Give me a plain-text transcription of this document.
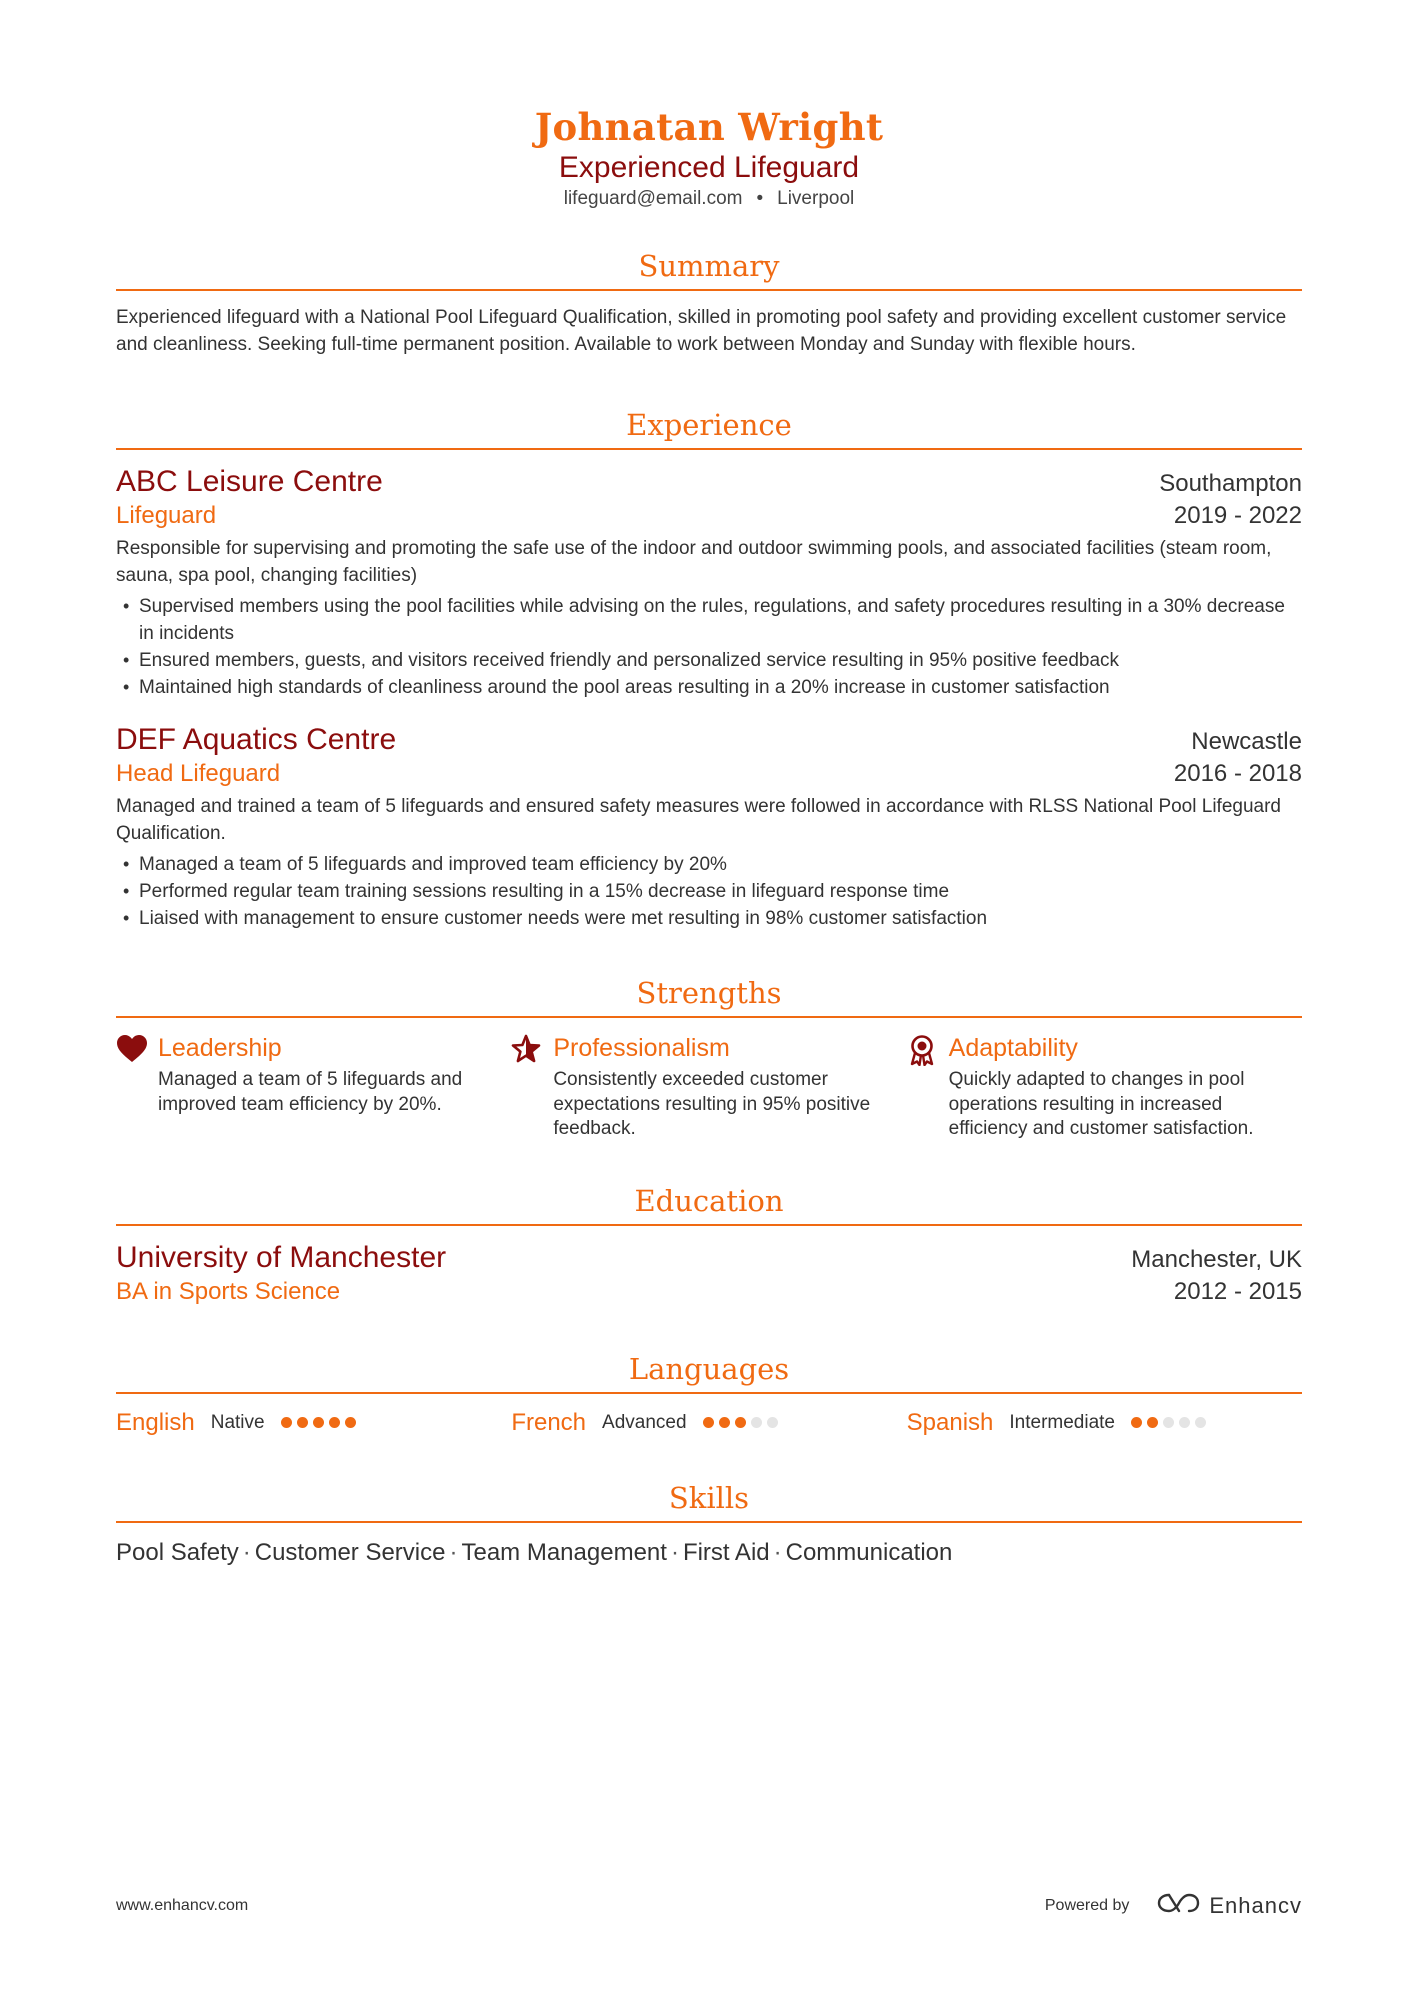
Johnatan Wright
Experienced Lifeguard
lifeguard@email.com • Liverpool
Summary
Experienced lifeguard with a National Pool Lifeguard Qualification, skilled in promoting pool safety and providing excellent customer service and cleanliness. Seeking full-time permanent position. Available to work between Monday and Sunday with flexible hours.
Experience
ABC Leisure Centre	Southampton
Lifeguard	2019 - 2022
Responsible for supervising and promoting the safe use of the indoor and outdoor swimming pools, and associated facilities (steam room, sauna, spa pool, changing facilities)
• Supervised members using the pool facilities while advising on the rules, regulations, and safety procedures resulting in a 30% decrease in incidents
• Ensured members, guests, and visitors received friendly and personalized service resulting in 95% positive feedback
• Maintained high standards of cleanliness around the pool areas resulting in a 20% increase in customer satisfaction
DEF Aquatics Centre	Newcastle
Head Lifeguard	2016 - 2018
Managed and trained a team of 5 lifeguards and ensured safety measures were followed in accordance with RLSS National Pool Lifeguard Qualification.
• Managed a team of 5 lifeguards and improved team efficiency by 20%
• Performed regular team training sessions resulting in a 15% decrease in lifeguard response time
• Liaised with management to ensure customer needs were met resulting in 98% customer satisfaction
Strengths
Leadership
Managed a team of 5 lifeguards and improved team efficiency by 20%.
Professionalism
Consistently exceeded customer expectations resulting in 95% positive feedback.
Adaptability
Quickly adapted to changes in pool operations resulting in increased efficiency and customer satisfaction.
Education
University of Manchester	Manchester, UK
BA in Sports Science	2012 - 2015
Languages
English Native	French Advanced	Spanish Intermediate
Skills
Pool Safety · Customer Service · Team Management · First Aid · Communication
www.enhancv.com	Powered by	Enhancv
